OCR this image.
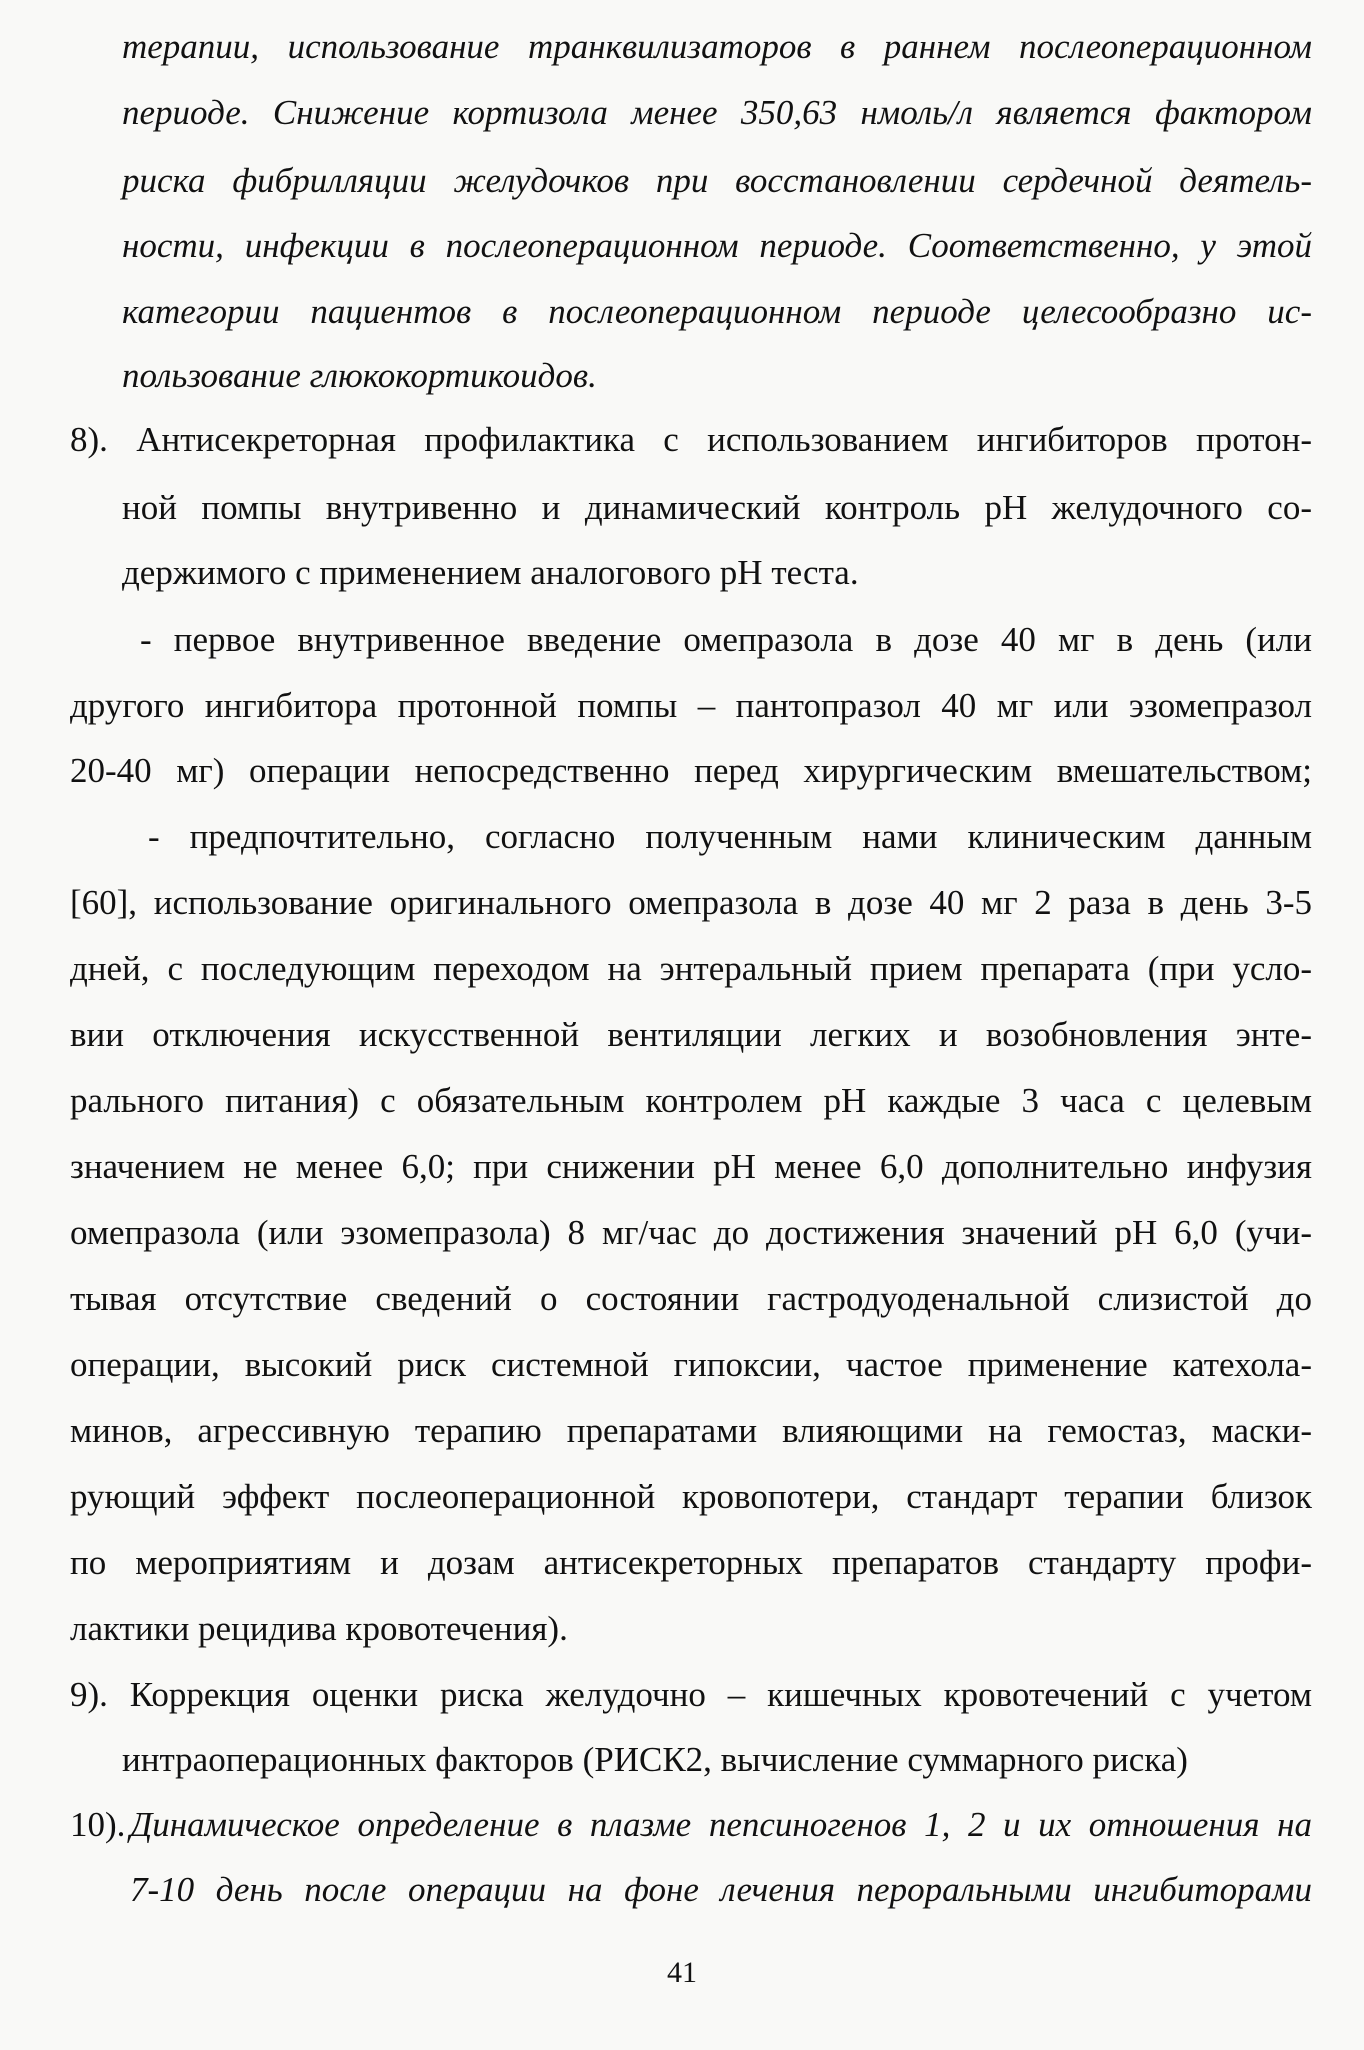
терапии, использование транквилизаторов в раннем послеоперационном
периоде. Снижение кортизола менее 350,63 нмоль/л является фактором
риска фибрилляции желудочков при восстановлении сердечной деятель-
ности, инфекции в послеоперационном периоде. Соответственно, у этой
категории пациентов в послеоперационном периоде целесообразно ис-
пользование глюкокортикоидов.
8). Антисекреторная профилактика с использованием ингибиторов протон-
ной помпы внутривенно и динамический контроль pH желудочного со-
держимого с применением аналогового pH теста.
- первое внутривенное введение омепразола в дозе 40 мг в день (или
другого ингибитора протонной помпы – пантопразол 40 мг или эзомепразол
20-40 мг) операции непосредственно перед хирургическим вмешательством;
- предпочтительно, согласно полученным нами клиническим данным
[60], использование оригинального омепразола в дозе 40 мг 2 раза в день 3-5
дней, с последующим переходом на энтеральный прием препарата (при усло-
вии отключения искусственной вентиляции легких и возобновления энте-
рального питания) с обязательным контролем pH каждые 3 часа с целевым
значением не менее 6,0; при снижении pH менее 6,0 дополнительно инфузия
омепразола (или эзомепразола) 8 мг/час до достижения значений pH 6,0 (учи-
тывая отсутствие сведений о состоянии гастродуоденальной слизистой до
операции, высокий риск системной гипоксии, частое применение катехола-
минов, агрессивную терапию препаратами влияющими на гемостаз, маски-
рующий эффект послеоперационной кровопотери, стандарт терапии близок
по мероприятиям и дозам антисекреторных препаратов стандарту профи-
лактики рецидива кровотечения).
9). Коррекция оценки риска желудочно – кишечных кровотечений с учетом
интраоперационных факторов (РИСК2, вычисление суммарного риска)
10). Динамическое определение в плазме пепсиногенов 1, 2 и их отношения на
7-10 день после операции на фоне лечения пероральными ингибиторами
41
